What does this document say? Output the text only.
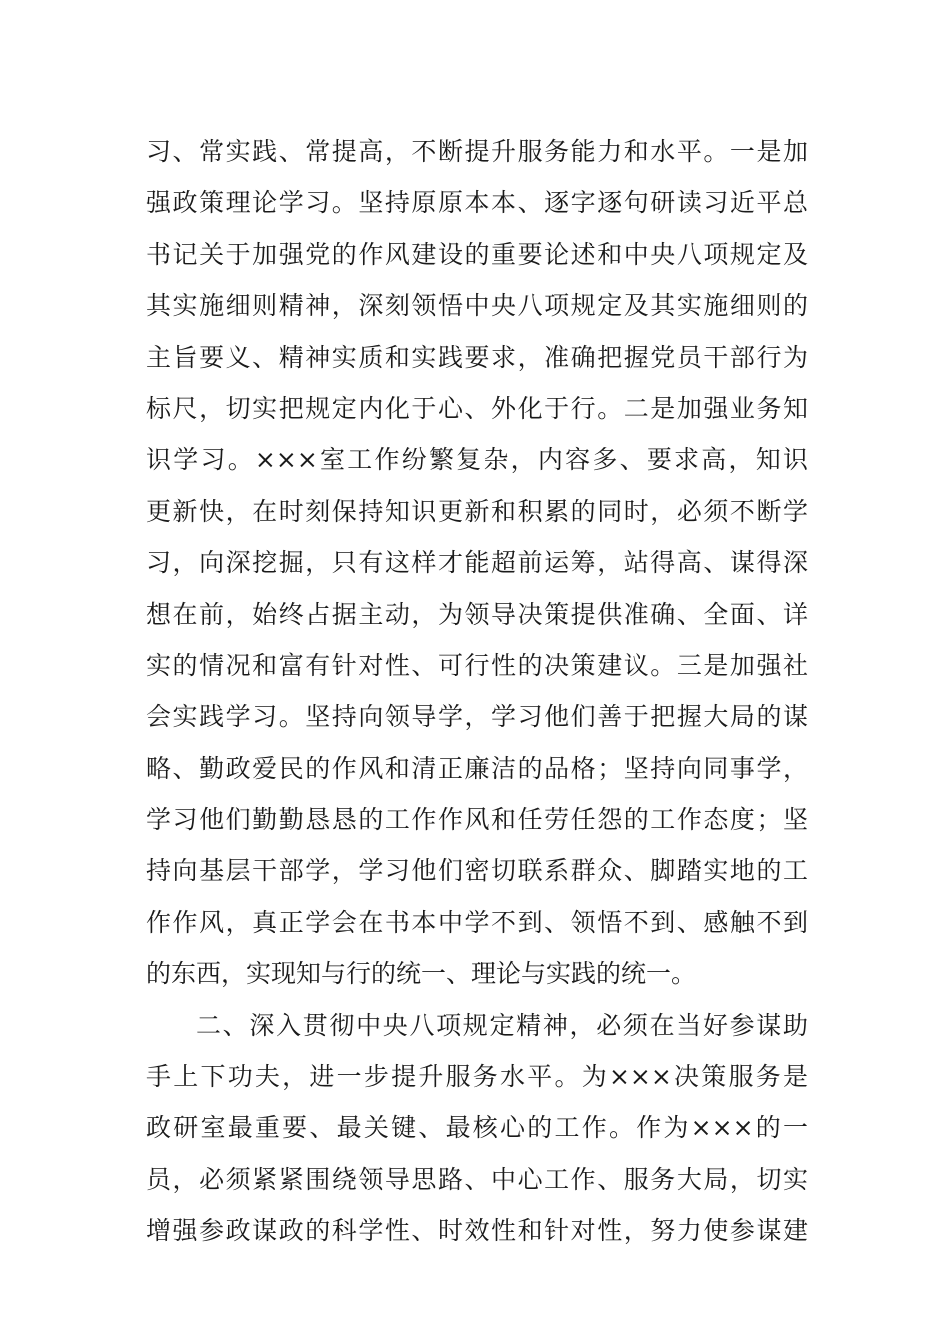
习、常实践、常提高，不断提升服务能力和水平。一是加
强政策理论学习。坚持原原本本、逐字逐句研读习近平总
书记关于加强党的作风建设的重要论述和中央八项规定及
其实施细则精神，深刻领悟中央八项规定及其实施细则的
主旨要义、精神实质和实践要求，准确把握党员干部行为
标尺，切实把规定内化于心、外化于行。二是加强业务知
识学习。×××室工作纷繁复杂，内容多、要求高，知识
更新快，在时刻保持知识更新和积累的同时，必须不断学
习，向深挖掘，只有这样才能超前运筹，站得高、谋得深
想在前，始终占据主动，为领导决策提供准确、全面、详
实的情况和富有针对性、可行性的决策建议。三是加强社
会实践学习。坚持向领导学，学习他们善于把握大局的谋
略、勤政爱民的作风和清正廉洁的品格；坚持向同事学，
学习他们勤勤恳恳的工作作风和任劳任怨的工作态度；坚
持向基层干部学，学习他们密切联系群众、脚踏实地的工
作作风，真正学会在书本中学不到、领悟不到、感触不到
的东西，实现知与行的统一、理论与实践的统一。
二、深入贯彻中央八项规定精神，必须在当好参谋助
手上下功夫，进一步提升服务水平。为×××决策服务是
政研室最重要、最关键、最核心的工作。作为×××的一
员，必须紧紧围绕领导思路、中心工作、服务大局，切实
增强参政谋政的科学性、时效性和针对性，努力使参谋建
